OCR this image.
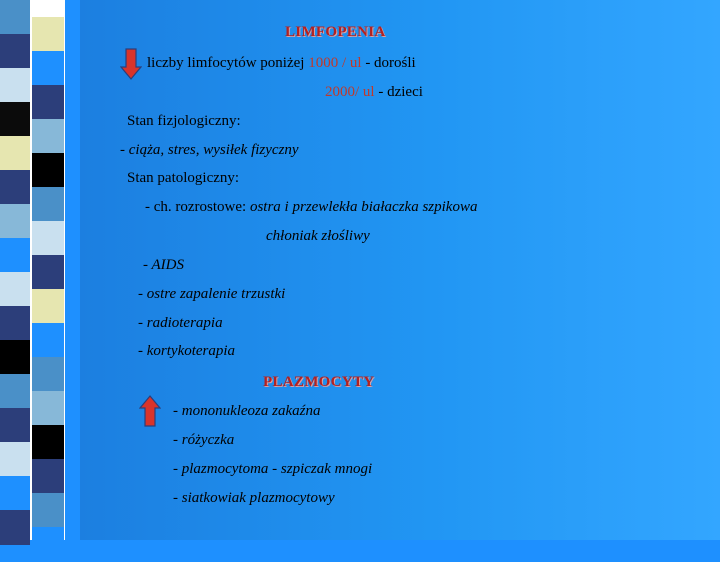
LIMFOPENIA
liczby limfocytów poniżej 1000 / ul - dorośli
2000/ ul - dzieci
Stan fizjologiczny:
- ciąża, stres, wysiłek fizyczny
Stan patologiczny:
- ch. rozrostowe: ostra i przewlekła białaczka szpikowa
chłoniak złośliwy
- AIDS
- ostre zapalenie trzustki
- radioterapia
- kortykoterapia
PLAZMOCYTY
- mononukleoza zakaźna
- różyczka
- plazmocytoma - szpiczak mnogi
- siatkowiak plazmocytowy
